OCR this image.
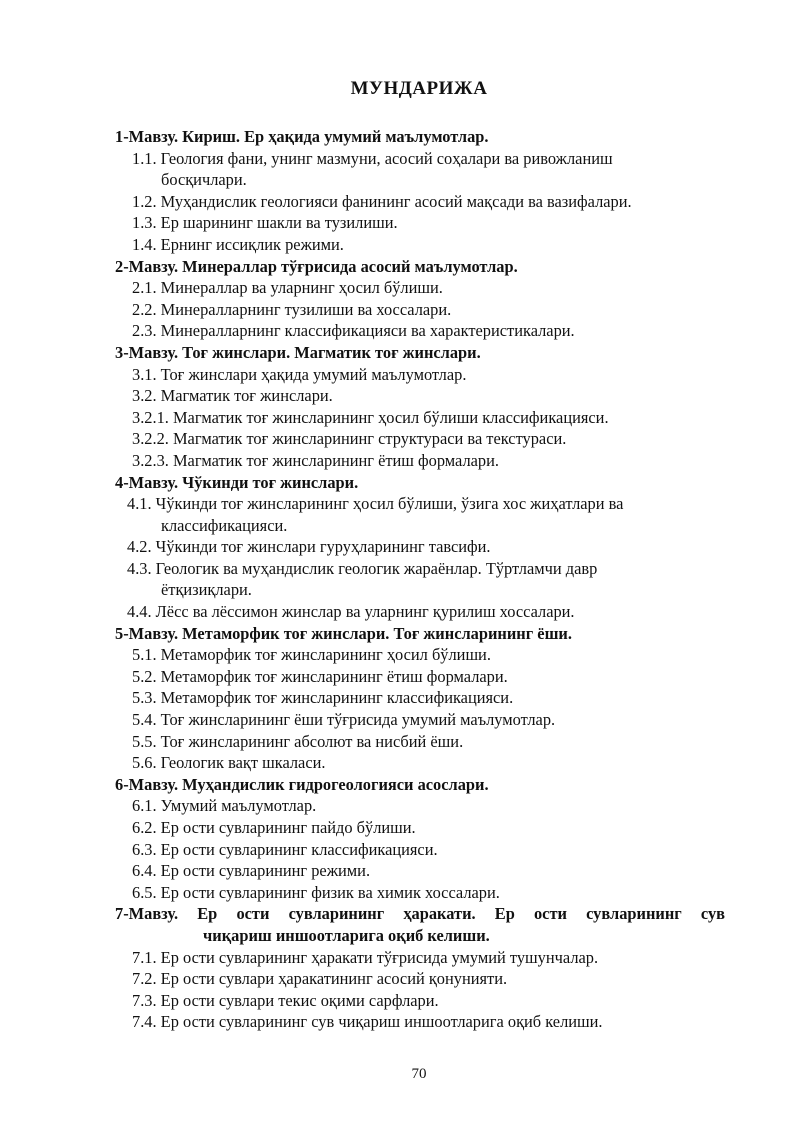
МУНДАРИЖА
1-Мавзу. Кириш. Ер ҳақида умумий маълумотлар.
1.1. Геология фани, унинг мазмуни, асосий соҳалари ва ривожланиш
босқичлари.
1.2. Муҳандислик геологияси фанининг асосий мақсади ва вазифалари.
1.3. Ер шарининг шакли ва тузилиши.
1.4. Ернинг иссиқлик режими.
2-Мавзу. Минераллар тўғрисида асосий маълумотлар.
2.1. Минераллар ва уларнинг ҳосил бўлиши.
2.2. Минералларнинг тузилиши ва хоссалари.
2.3. Минералларнинг классификацияси ва характеристикалари.
3-Мавзу. Тоғ жинслари. Магматик тоғ жинслари.
3.1. Тоғ жинслари ҳақида умумий маълумотлар.
3.2. Магматик тоғ жинслари.
3.2.1. Магматик тоғ жинсларининг ҳосил бўлиши классификацияси.
3.2.2. Магматик тоғ жинсларининг структураси ва текстураси.
3.2.3. Магматик тоғ жинсларининг ётиш формалари.
4-Мавзу. Чўкинди тоғ жинслари.
4.1. Чўкинди тоғ жинсларининг ҳосил бўлиши, ўзига хос жиҳатлари ва
классификацияси.
4.2. Чўкинди тоғ жинслари гуруҳларининг тавсифи.
4.3. Геологик ва муҳандислик геологик жараёнлар. Тўртламчи давр
ётқизиқлари.
4.4. Лёсс ва лёссимон жинслар ва уларнинг қурилиш хоссалари.
5-Мавзу. Метаморфик тоғ жинслари. Тоғ жинсларининг ёши.
5.1. Метаморфик тоғ жинсларининг ҳосил бўлиши.
5.2. Метаморфик тоғ жинсларининг ётиш формалари.
5.3. Метаморфик тоғ жинсларининг классификацияси.
5.4. Тоғ жинсларининг ёши тўғрисида умумий маълумотлар.
5.5. Тоғ жинсларининг абсолют ва нисбий ёши.
5.6. Геологик вақт шкаласи.
6-Мавзу. Муҳандислик гидрогеологияси асослари.
6.1. Умумий маълумотлар.
6.2. Ер ости сувларининг пайдо бўлиши.
6.3. Ер ости сувларининг классификацияси.
6.4. Ер ости сувларининг режими.
6.5. Ер ости сувларининг физик ва химик хоссалари.
7-Мавзу. Ер ости сувларининг ҳаракати. Ер ости сувларининг сув
чиқариш иншоотларига оқиб келиши.
7.1. Ер ости сувларининг ҳаракати тўғрисида умумий тушунчалар.
7.2. Ер ости сувлари ҳаракатининг асосий қонунияти.
7.3. Ер ости сувлари текис оқими сарфлари.
7.4. Ер ости сувларининг сув чиқариш иншоотларига оқиб келиши.
70
